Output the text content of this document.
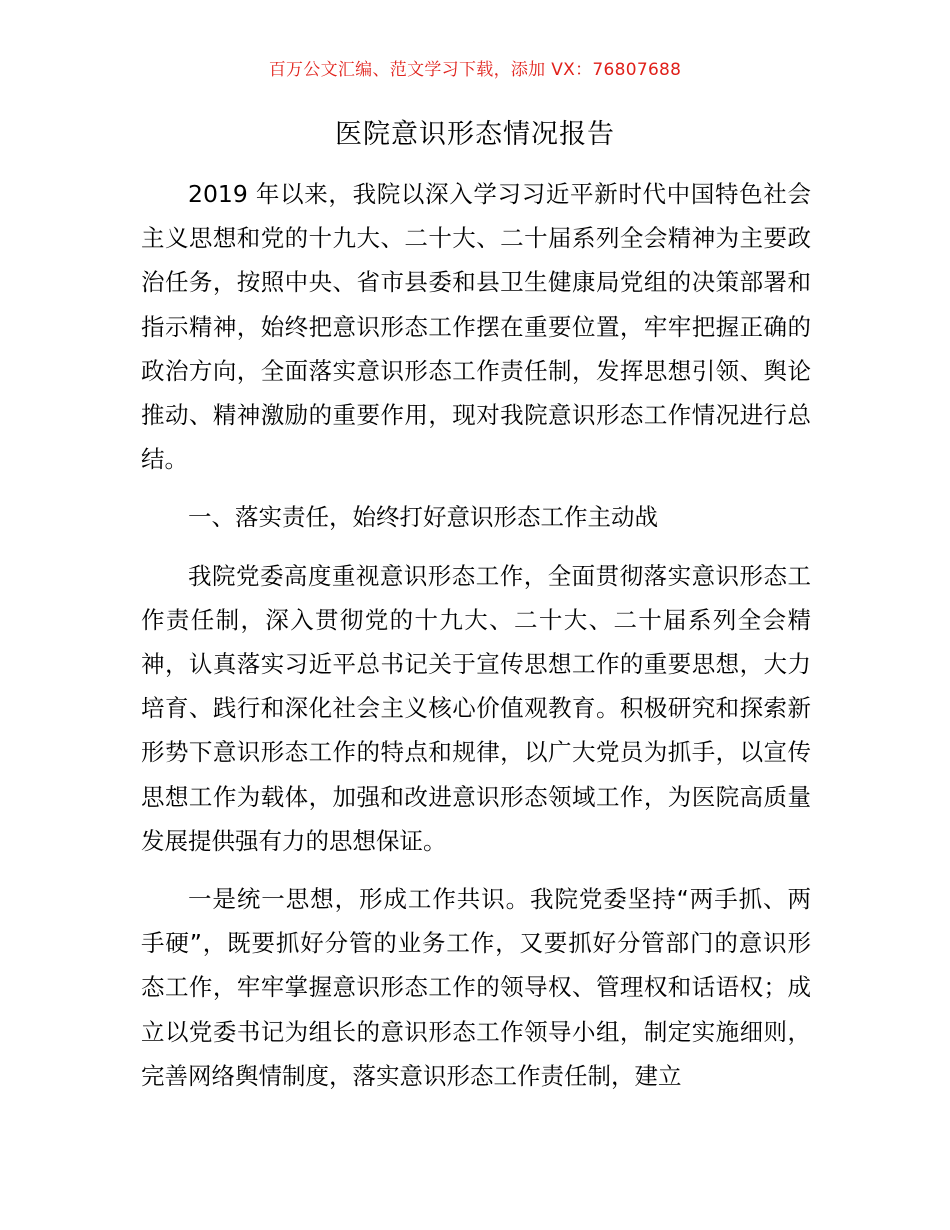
百万公文汇编、范文学习下载，添加 VX：76807688
医院意识形态情况报告

2019 年以来，我院以深入学习习近平新时代中国特色社会主义思想和党的十九大、二十大、二十届系列全会精神为主要政治任务，按照中央、省市县委和县卫生健康局党组的决策部署和指示精神，始终把意识形态工作摆在重要位置，牢牢把握正确的政治方向，全面落实意识形态工作责任制，发挥思想引领、舆论推动、精神激励的重要作用，现对我院意识形态工作情况进行总结。

一、落实责任，始终打好意识形态工作主动战

我院党委高度重视意识形态工作，全面贯彻落实意识形态工作责任制，深入贯彻党的十九大、二十大、二十届系列全会精神，认真落实习近平总书记关于宣传思想工作的重要思想，大力培育、践行和深化社会主义核心价值观教育。积极研究和探索新形势下意识形态工作的特点和规律，以广大党员为抓手，以宣传思想工作为载体，加强和改进意识形态领域工作，为医院高质量发展提供强有力的思想保证。

一是统一思想，形成工作共识。我院党委坚持“两手抓、两手硬”，既要抓好分管的业务工作，又要抓好分管部门的意识形态工作，牢牢掌握意识形态工作的领导权、管理权和话语权；成立以党委书记为组长的意识形态工作领导小组，制定实施细则，完善网络舆情制度，落实意识形态工作责任制，建立
